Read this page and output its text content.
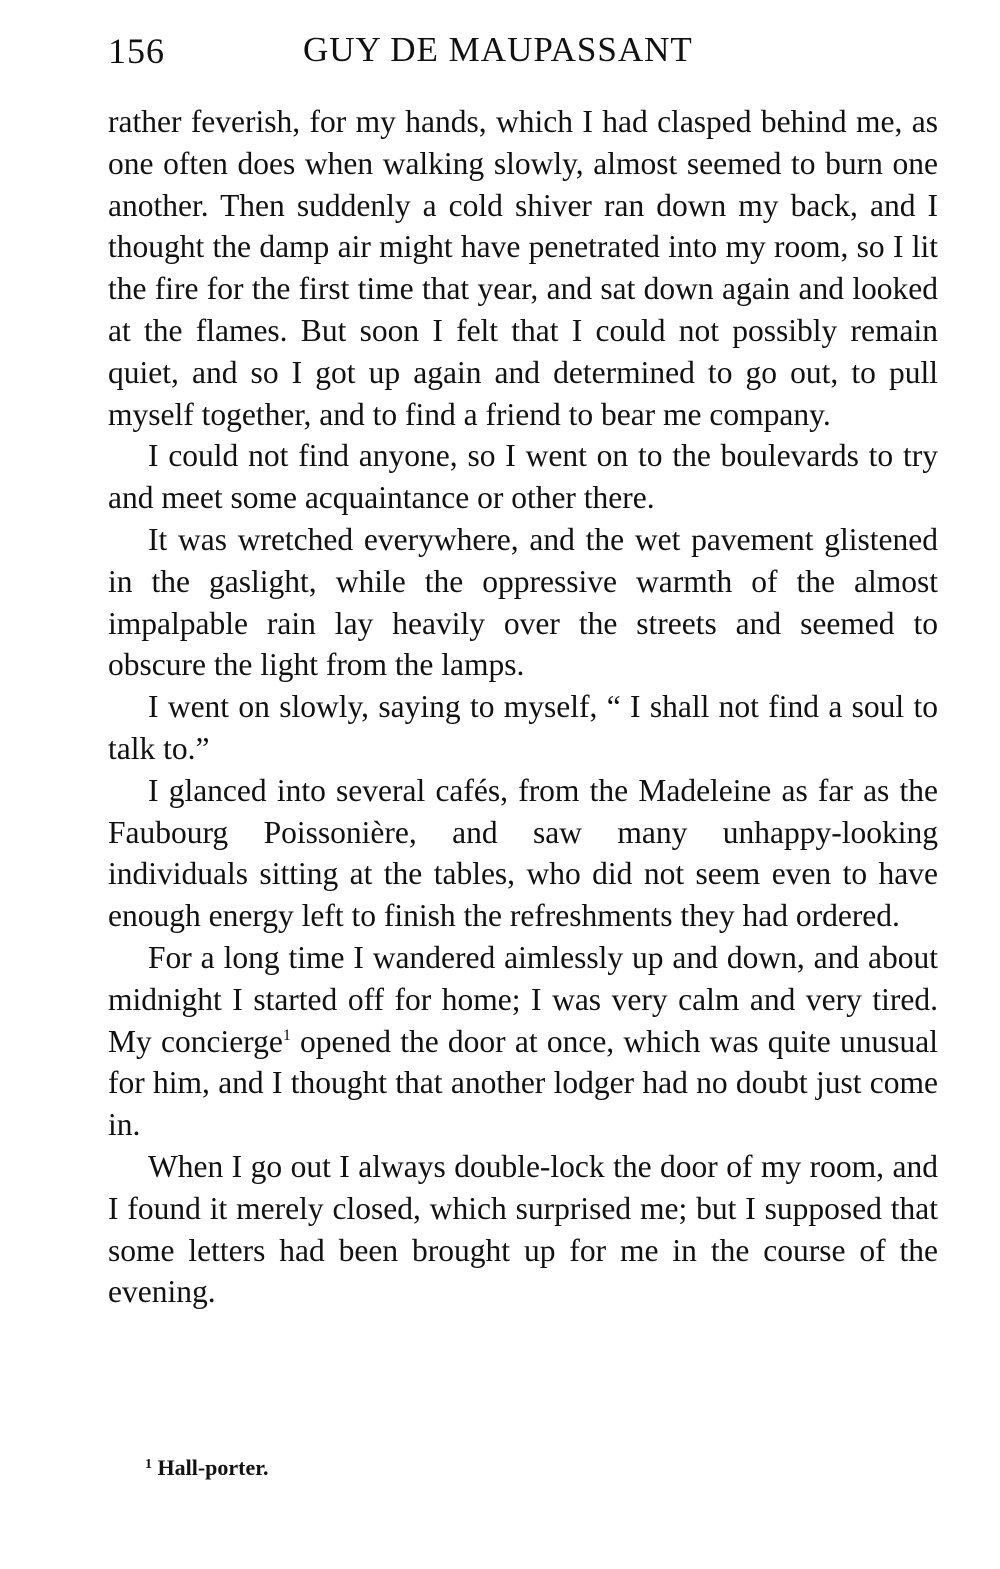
156	GUY DE MAUPASSANT

rather feverish, for my hands, which I had clasped behind me, as one often does when walking slowly, almost seemed to burn one another. Then suddenly a cold shiver ran down my back, and I thought the damp air might have penetrated into my room, so I lit the fire for the first time that year, and sat down again and looked at the flames. But soon I felt that I could not possibly remain quiet, and so I got up again and determined to go out, to pull myself together, and to find a friend to bear me company.

I could not find anyone, so I went on to the boulevards to try and meet some acquaintance or other there.

It was wretched everywhere, and the wet pavement glistened in the gaslight, while the oppressive warmth of the almost impalpable rain lay heavily over the streets and seemed to obscure the light from the lamps.

I went on slowly, saying to myself, “ I shall not find a soul to talk to.”

I glanced into several cafés, from the Madeleine as far as the Faubourg Poissonière, and saw many unhappy-looking individuals sitting at the tables, who did not seem even to have enough energy left to finish the refreshments they had ordered.

For a long time I wandered aimlessly up and down, and about midnight I started off for home; I was very calm and very tired. My concierge$^1$ opened the door at once, which was quite unusual for him, and I thought that another lodger had no doubt just come in.

When I go out I always double-lock the door of my room, and I found it merely closed, which surprised me; but I supposed that some letters had been brought up for me in the course of the evening.

$^1$ Hall-porter.
